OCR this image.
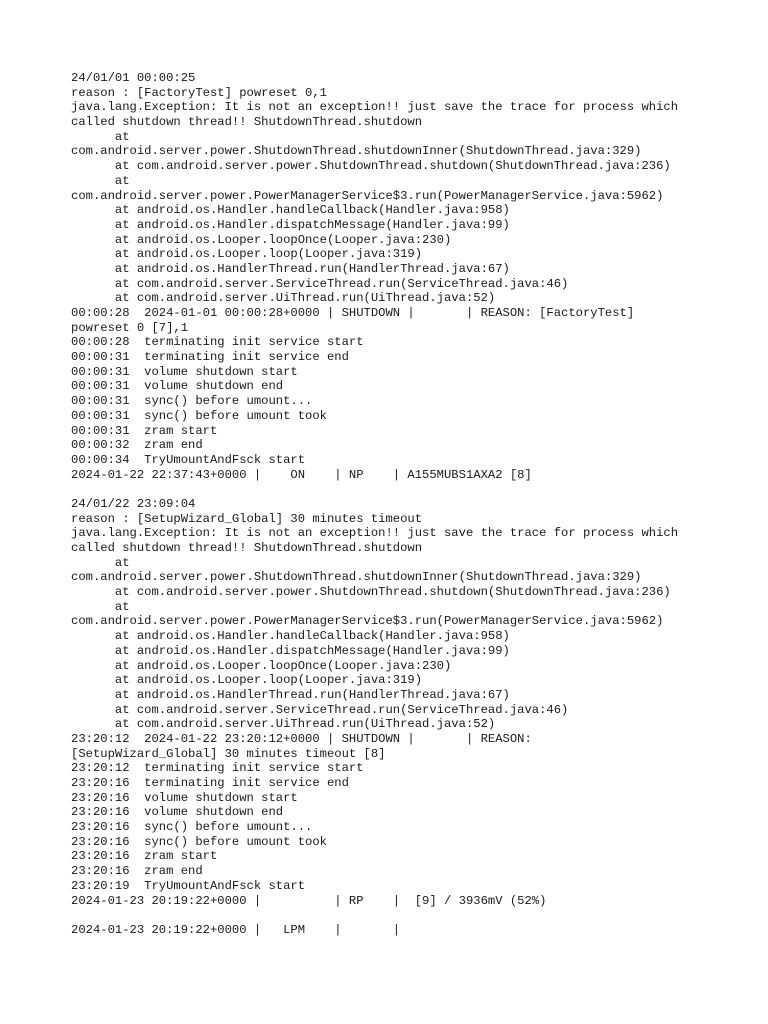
24/01/01 00:00:25
reason : [FactoryTest] powreset 0,1
java.lang.Exception: It is not an exception!! just save the trace for process which
called shutdown thread!! ShutdownThread.shutdown
at
com.android.server.power.ShutdownThread.shutdownInner(ShutdownThread.java:329)
at com.android.server.power.ShutdownThread.shutdown(ShutdownThread.java:236)
at
com.android.server.power.PowerManagerService$3.run(PowerManagerService.java:5962)
at android.os.Handler.handleCallback(Handler.java:958)
at android.os.Handler.dispatchMessage(Handler.java:99)
at android.os.Looper.loopOnce(Looper.java:230)
at android.os.Looper.loop(Looper.java:319)
at android.os.HandlerThread.run(HandlerThread.java:67)
at com.android.server.ServiceThread.run(ServiceThread.java:46)
at com.android.server.UiThread.run(UiThread.java:52)
00:00:28  2024-01-01 00:00:28+0000 | SHUTDOWN |       | REASON: [FactoryTest]
powreset 0 [7],1
00:00:28  terminating init service start
00:00:31  terminating init service end
00:00:31  volume shutdown start
00:00:31  volume shutdown end
00:00:31  sync() before umount...
00:00:31  sync() before umount took
00:00:31  zram start
00:00:32  zram end
00:00:34  TryUmountAndFsck start
2024-01-22 22:37:43+0000 |    ON    | NP    | A155MUBS1AXA2 [8]
24/01/22 23:09:04
reason : [SetupWizard_Global] 30 minutes timeout
java.lang.Exception: It is not an exception!! just save the trace for process which
called shutdown thread!! ShutdownThread.shutdown
at
com.android.server.power.ShutdownThread.shutdownInner(ShutdownThread.java:329)
at com.android.server.power.ShutdownThread.shutdown(ShutdownThread.java:236)
at
com.android.server.power.PowerManagerService$3.run(PowerManagerService.java:5962)
at android.os.Handler.handleCallback(Handler.java:958)
at android.os.Handler.dispatchMessage(Handler.java:99)
at android.os.Looper.loopOnce(Looper.java:230)
at android.os.Looper.loop(Looper.java:319)
at android.os.HandlerThread.run(HandlerThread.java:67)
at com.android.server.ServiceThread.run(ServiceThread.java:46)
at com.android.server.UiThread.run(UiThread.java:52)
23:20:12  2024-01-22 23:20:12+0000 | SHUTDOWN |       | REASON:
[SetupWizard_Global] 30 minutes timeout [8]
23:20:12  terminating init service start
23:20:16  terminating init service end
23:20:16  volume shutdown start
23:20:16  volume shutdown end
23:20:16  sync() before umount...
23:20:16  sync() before umount took
23:20:16  zram start
23:20:16  zram end
23:20:19  TryUmountAndFsck start
2024-01-23 20:19:22+0000 |          | RP    |  [9] / 3936mV (52%)
2024-01-23 20:19:22+0000 |   LPM    |       |
